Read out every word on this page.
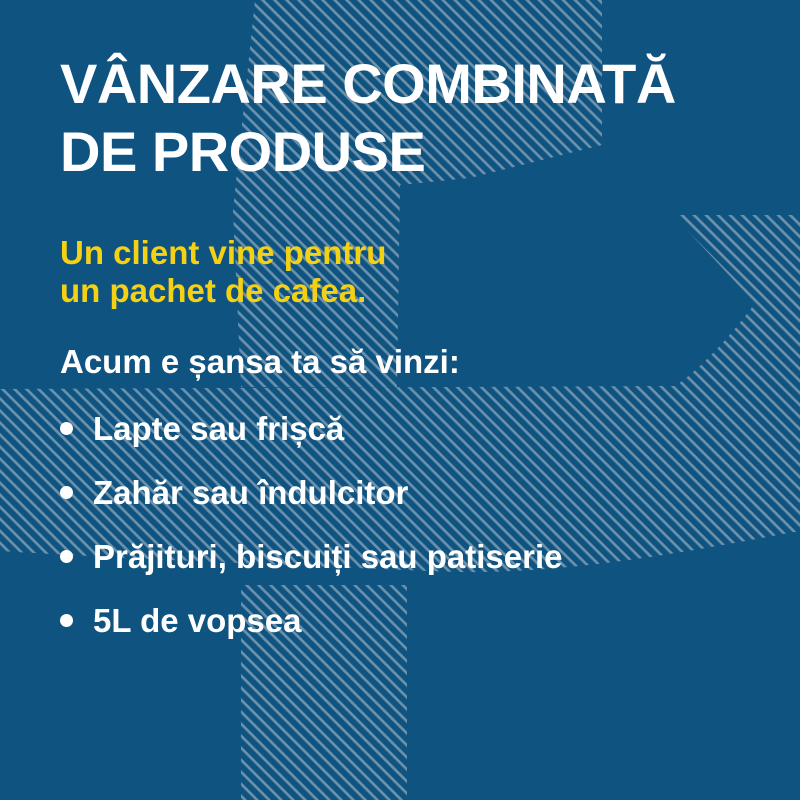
VÂNZARE COMBINATĂ
DE PRODUSE
Un client vine pentru
un pachet de cafea.
Acum e șansa ta să vinzi:
Lapte sau frișcă
Zahăr sau îndulcitor
Prăjituri, biscuiți sau patiserie
5L de vopsea
